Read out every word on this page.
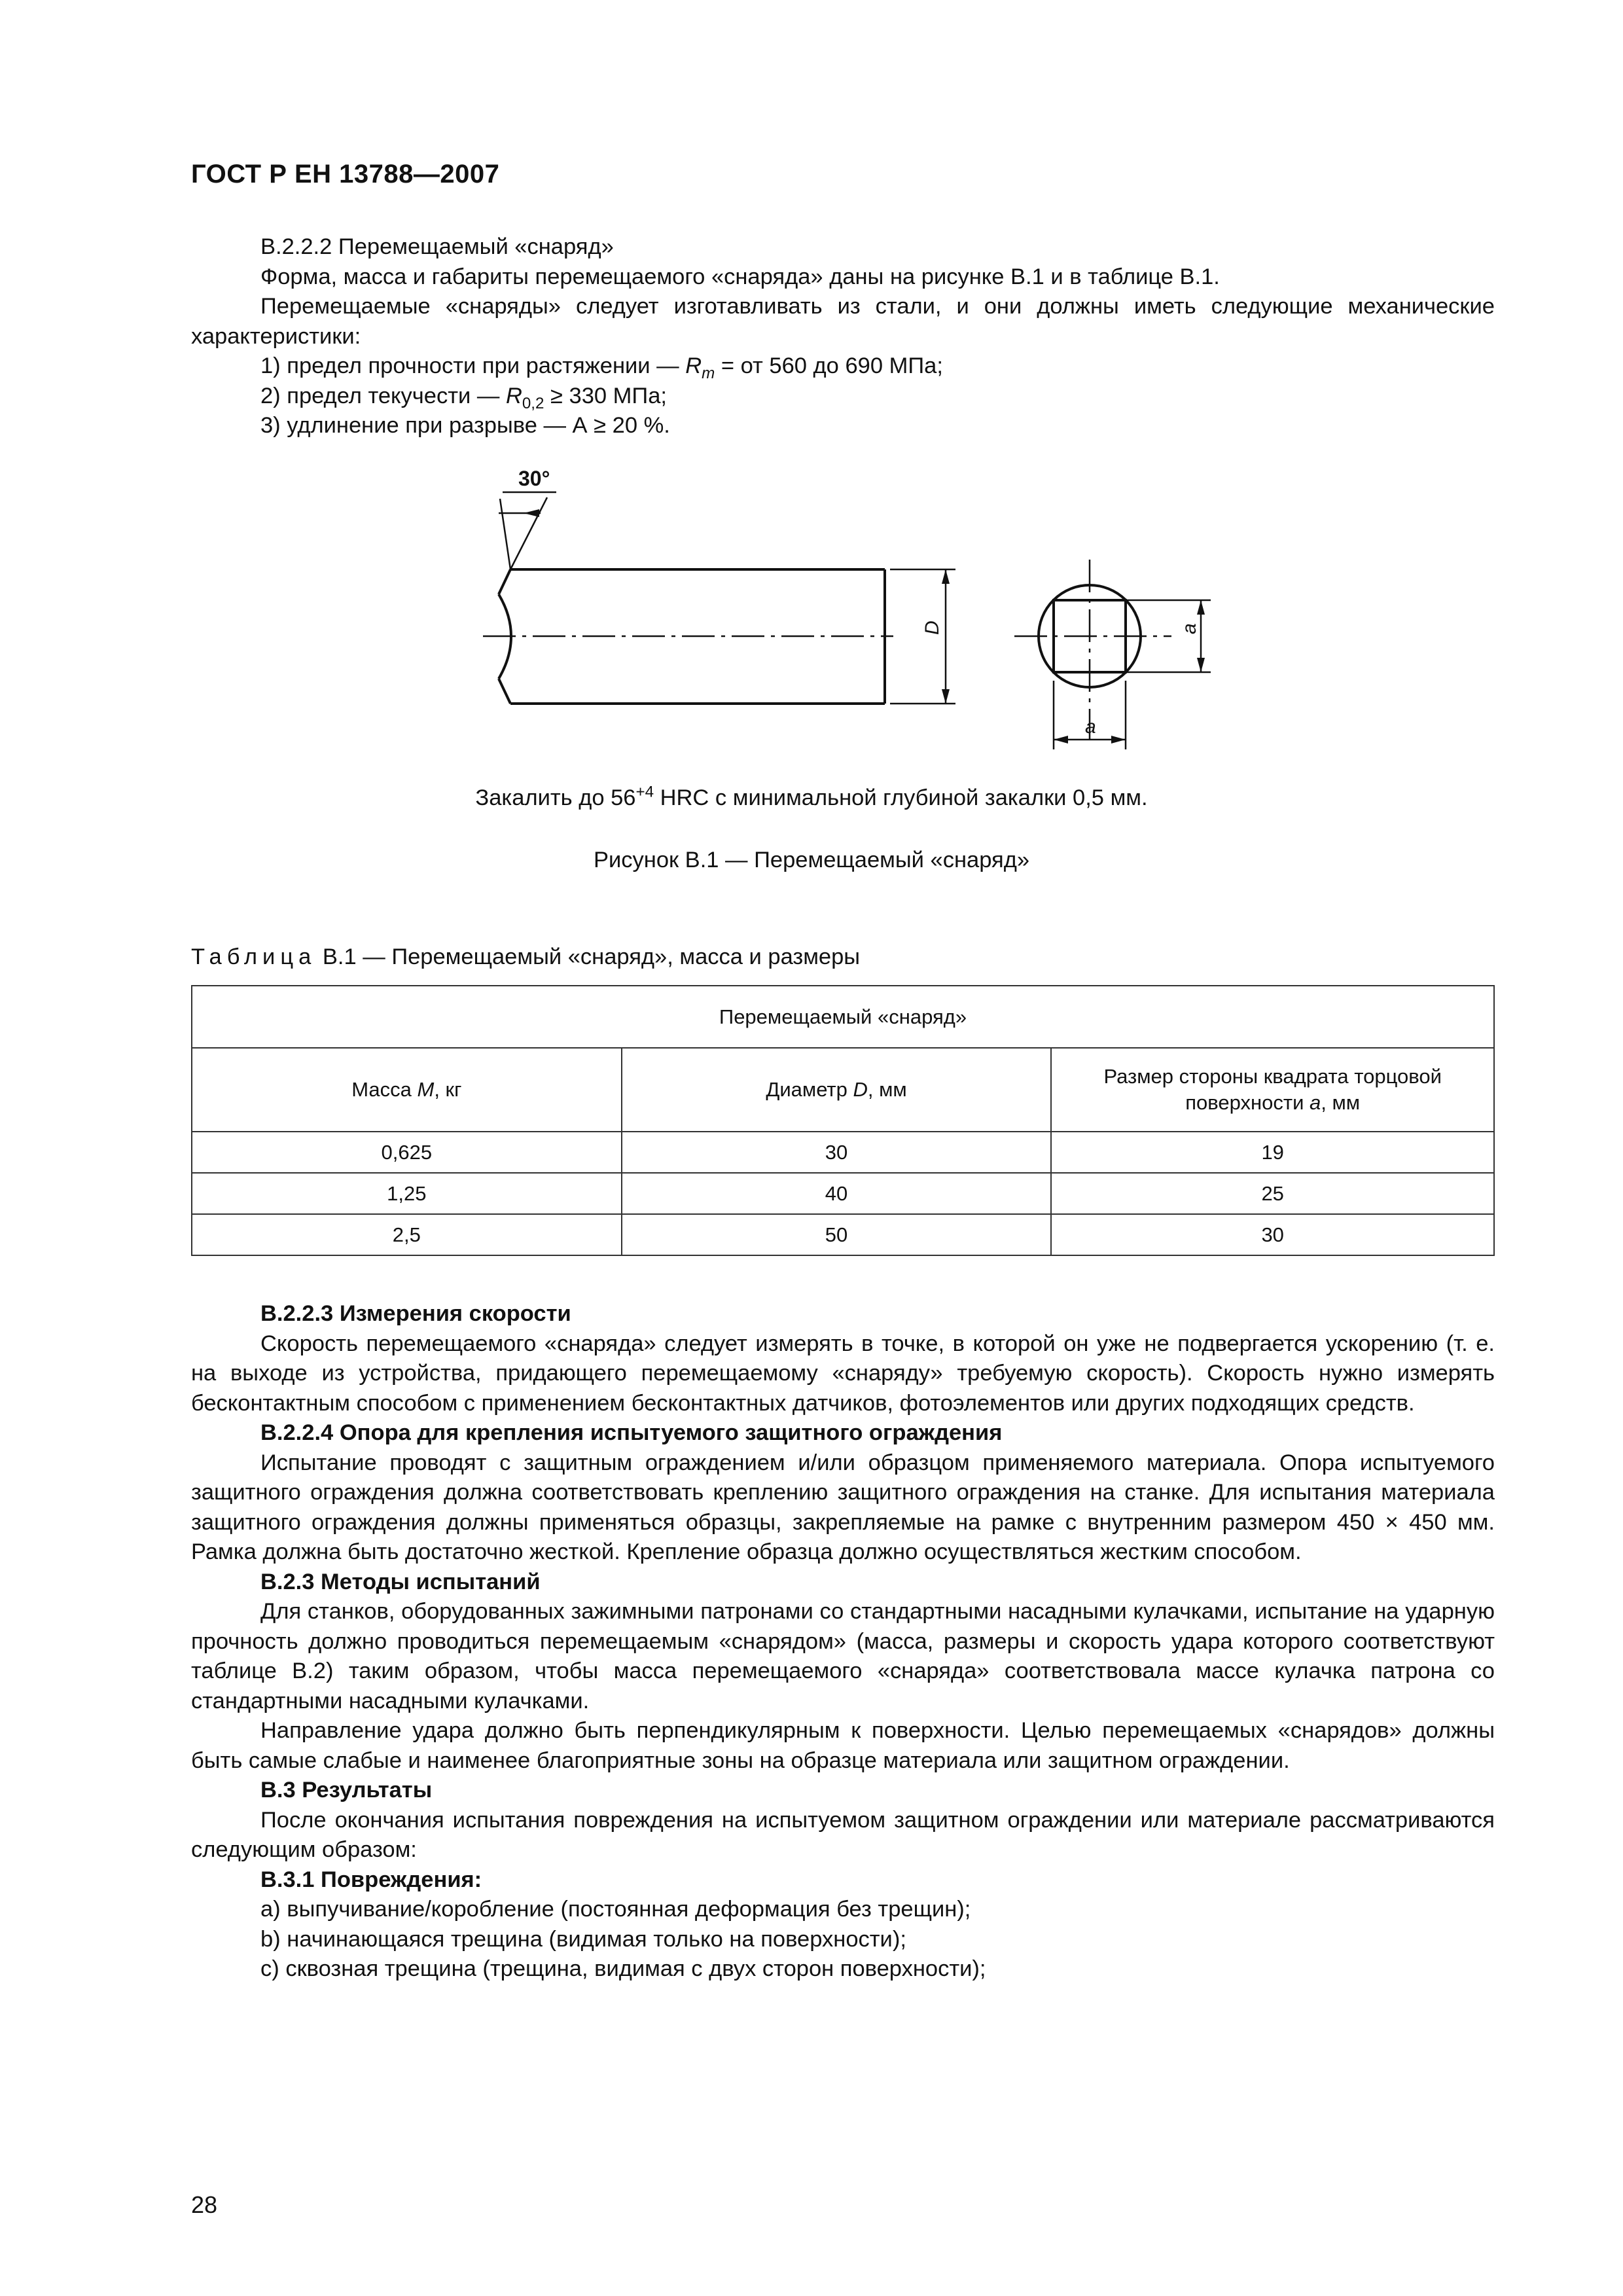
ГОСТ Р ЕН 13788—2007

В.2.2.2 Перемещаемый «снаряд»

Форма, масса и габариты перемещаемого «снаряда» даны на рисунке В.1 и в таблице В.1.

Перемещаемые «снаряды» следует изготавливать из стали, и они должны иметь следующие механические характеристики:

1) предел прочности при растяжении — $R_m$ = от 560 до 690 МПа;

2) предел текучести — $R_{0,2} \ge 330$ МПа;

3) удлинение при разрыве — А ≥ 20 %.

30°
D	a
a
Закалить до $56^{+4}$ HRC с минимальной глубиной закалки 0,5 мм.
Рисунок В.1 — Перемещаемый «снаряд»
Таблица В.1 — Перемещаемый «снаряд», масса и размеры
Перемещаемый «снаряд»		
Масса M, кг	Диаметр D, мм	Размер стороны квадрата торцовой
поверхности a, мм
0,625	30	19
1,25	40	25
2,5	50	30

В.2.2.3 Измерения скорости

Скорость перемещаемого «снаряда» следует измерять в точке, в которой он уже не подвергается ускорению (т. е. на выходе из устройства, придающего перемещаемому «снаряду» требуемую скорость). Скорость нужно измерять бесконтактным способом с применением бесконтактных датчиков, фотоэлементов или других подходящих средств.

В.2.2.4 Опора для крепления испытуемого защитного ограждения

Испытание проводят с защитным ограждением и/или образцом применяемого материала. Опора испытуемого защитного ограждения должна соответствовать креплению защитного ограждения на станке. Для испытания материала защитного ограждения должны применяться образцы, закрепляемые на рамке с внутренним размером 450 × 450 мм. Рамка должна быть достаточно жесткой. Крепление образца должно осуществляться жестким способом.

В.2.3 Методы испытаний

Для станков, оборудованных зажимными патронами со стандартными насадными кулачками, испытание на ударную прочность должно проводиться перемещаемым «снарядом» (масса, размеры и скорость удара которого соответствуют таблице В.2) таким образом, чтобы масса перемещаемого «снаряда» соответствовала массе кулачка патрона со стандартными насадными кулачками.

Направление удара должно быть перпендикулярным к поверхности. Целью перемещаемых «снарядов» должны быть самые слабые и наименее благоприятные зоны на образце материала или защитном ограждении.

В.3 Результаты

После окончания испытания повреждения на испытуемом защитном ограждении или материале рассматриваются следующим образом:

В.3.1 Повреждения:

a) выпучивание/коробление (постоянная деформация без трещин);

b) начинающаяся трещина (видимая только на поверхности);

c) сквозная трещина (трещина, видимая с двух сторон поверхности);

28
